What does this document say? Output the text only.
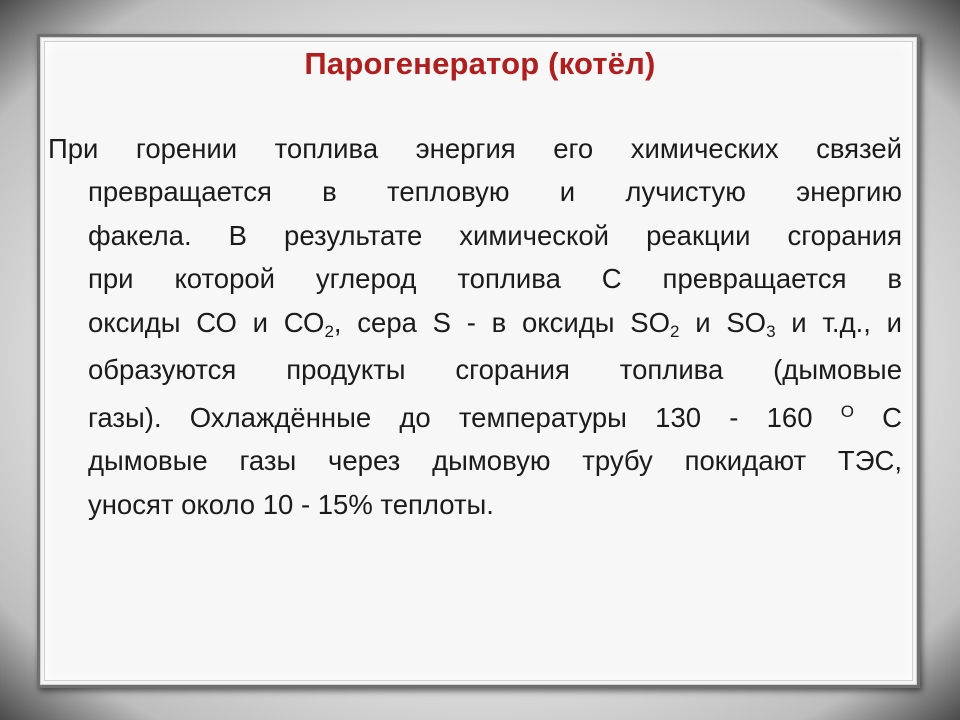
Парогенератор (котёл)
При горении топлива энергия его химических связей
превращается в тепловую и лучистую энергию
факела. В результате химической реакции сгорания
при которой углерод топлива С превращается в
оксиды СО и $СО_2$, сера S - в оксиды $SO_2$ и $SO_3$ и т.д., и
образуются продукты сгорания топлива (дымовые
газы). Охлаждённые до температуры 130 - 160 $^О$ С
дымовые газы через дымовую трубу покидают ТЭС,
уносят около 10 - 15% теплоты.
